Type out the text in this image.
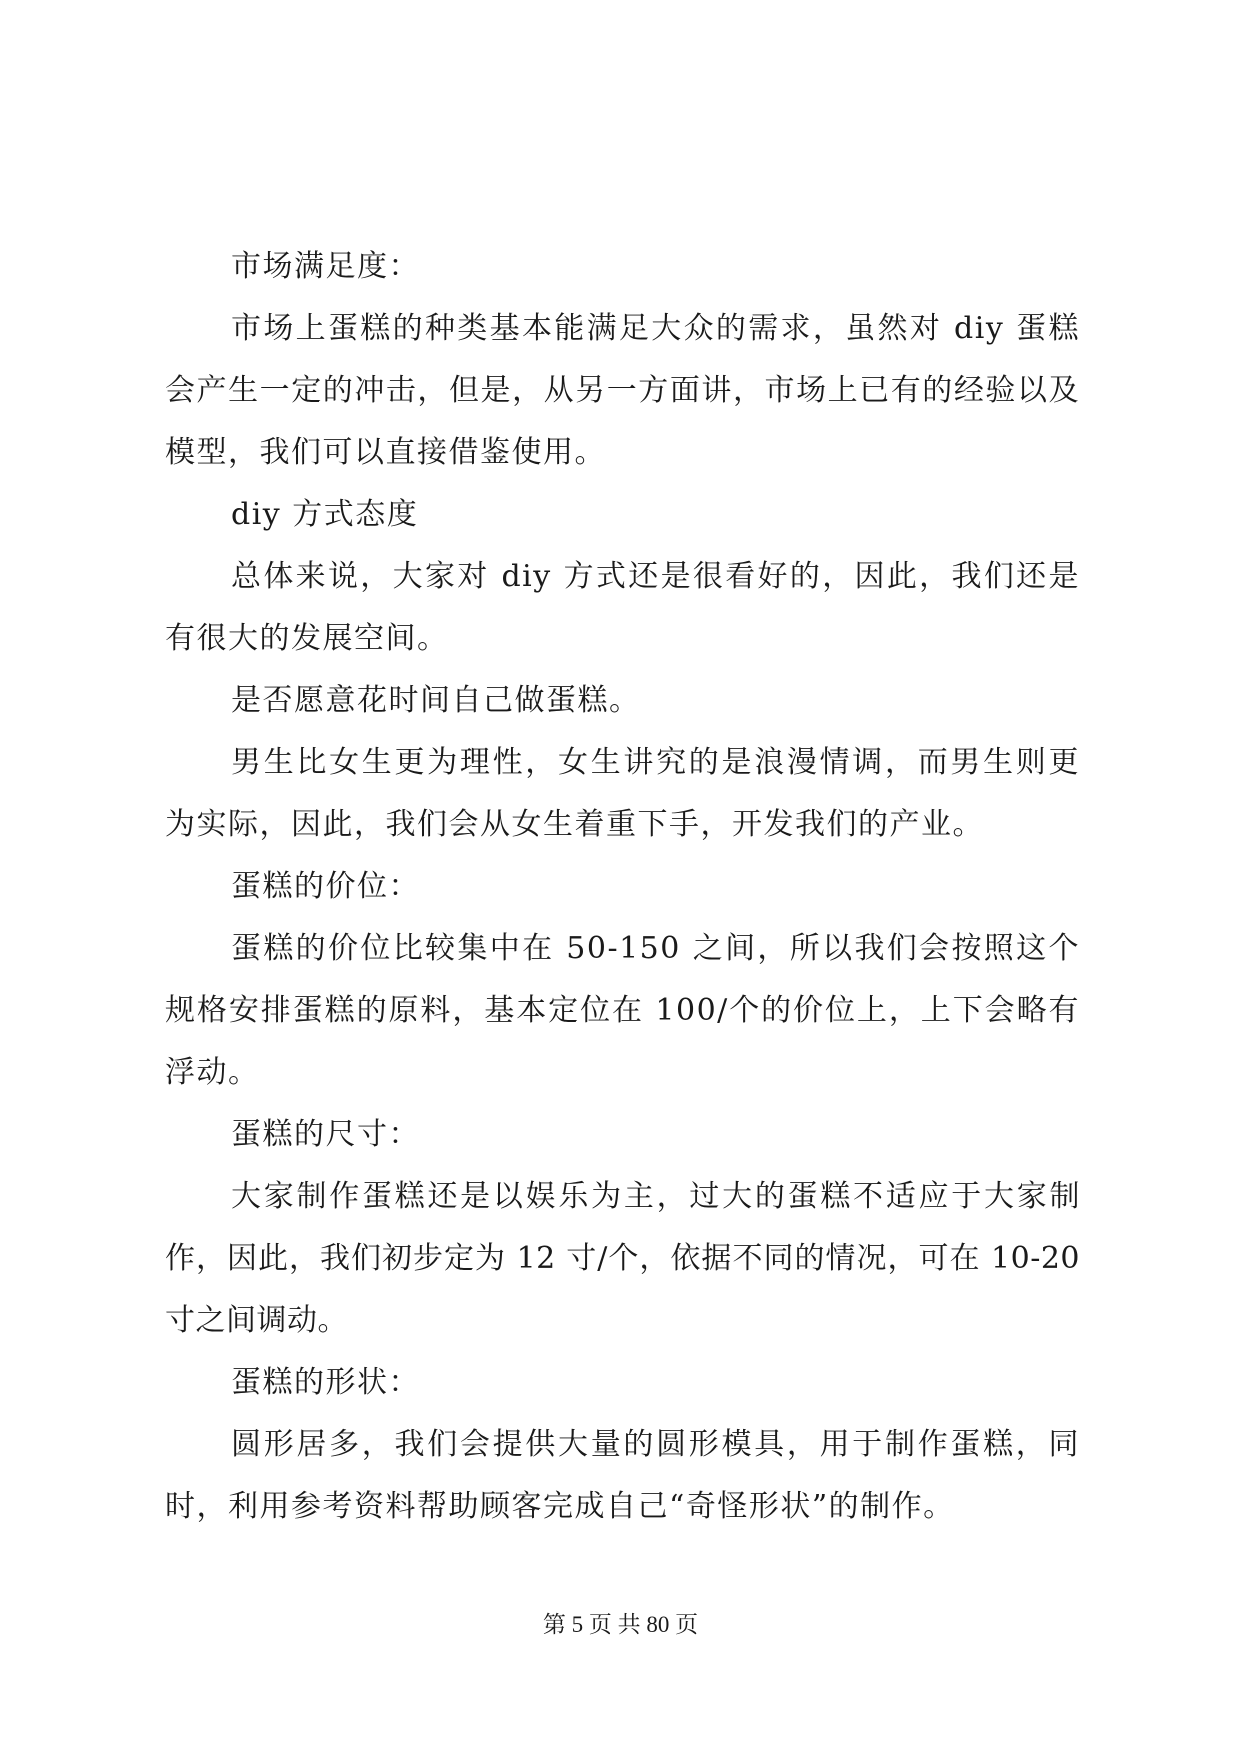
市场满足度：

市场上蛋糕的种类基本能满足大众的需求，虽然对 diy 蛋糕会产生一定的冲击，但是，从另一方面讲，市场上已有的经验以及模型，我们可以直接借鉴使用。

diy 方式态度

总体来说，大家对 diy 方式还是很看好的，因此，我们还是有很大的发展空间。

是否愿意花时间自己做蛋糕。

男生比女生更为理性，女生讲究的是浪漫情调，而男生则更为实际，因此，我们会从女生着重下手，开发我们的产业。

蛋糕的价位：

蛋糕的价位比较集中在 50-150 之间，所以我们会按照这个规格安排蛋糕的原料，基本定位在 100/个的价位上，上下会略有浮动。

蛋糕的尺寸：

大家制作蛋糕还是以娱乐为主，过大的蛋糕不适应于大家制作，因此，我们初步定为 12 寸/个，依据不同的情况，可在 10-20 寸之间调动。

蛋糕的形状：

圆形居多，我们会提供大量的圆形模具，用于制作蛋糕，同时，利用参考资料帮助顾客完成自己“奇怪形状”的制作。

第 5 页 共 80 页
